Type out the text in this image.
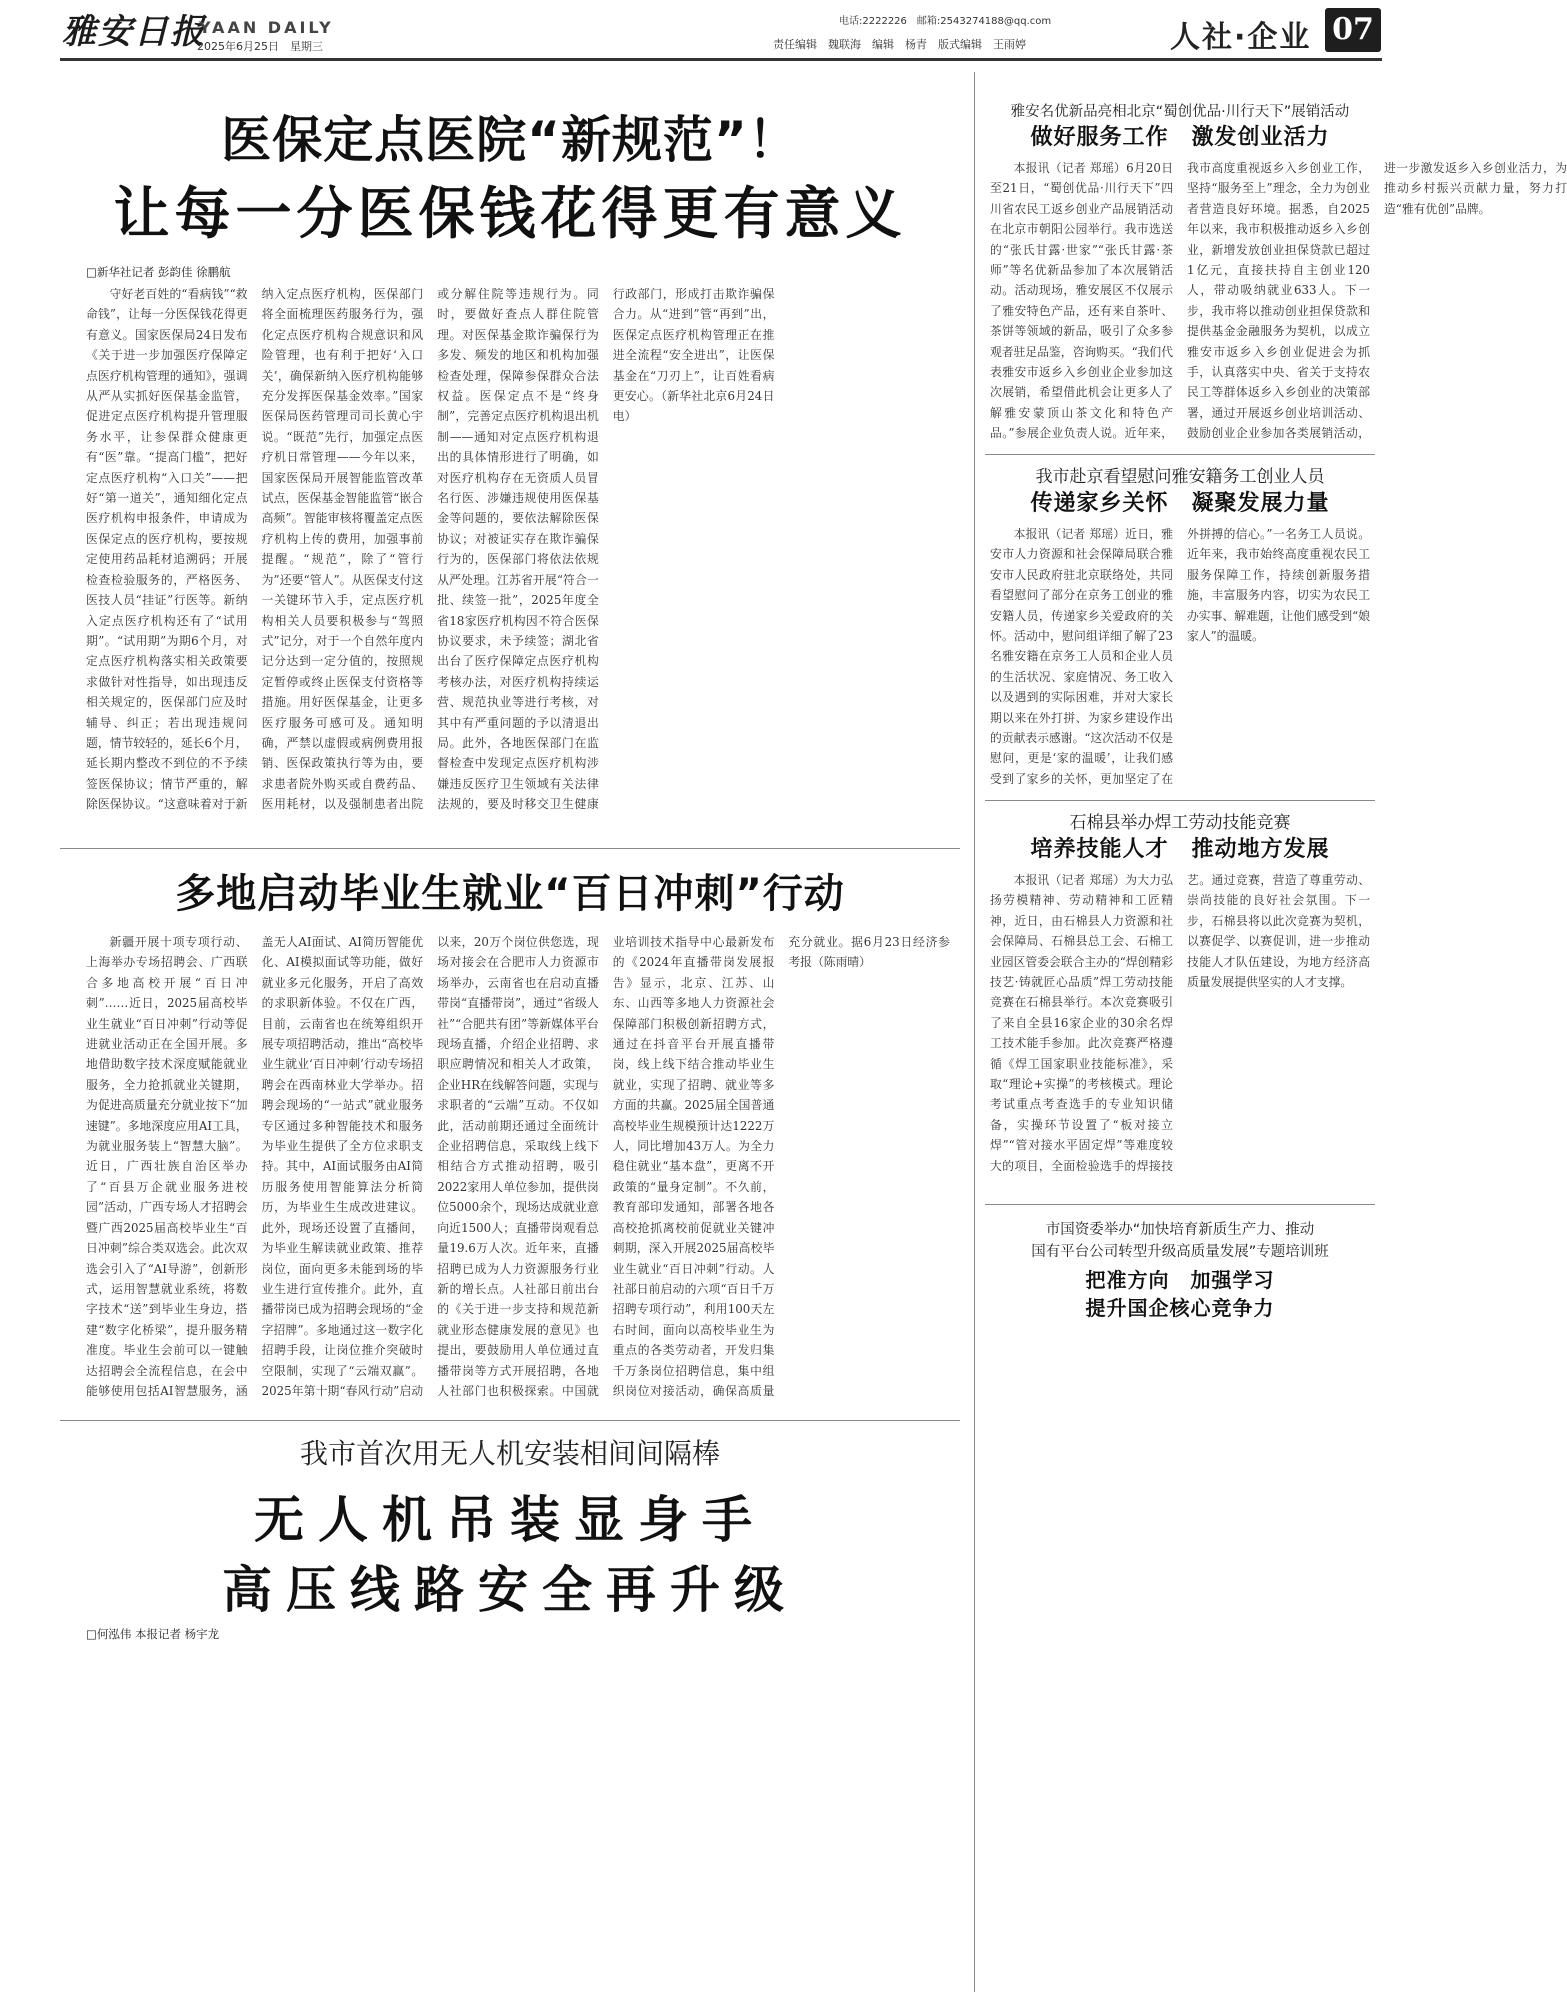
雅安日报
YAAN DAILY
2025年6月25日　星期三
电话:2222226　邮箱:2543274188@qq.com
责任编辑　魏联海　编辑　杨青　版式编辑　王雨婷	人社·企业 07
医保定点医院“新规范”！
让每一分医保钱花得更有意义
□新华社记者 彭韵佳 徐鹏航
守好老百姓的“看病钱”“救命钱”，让每一分医保钱花得更有意义。国家医保局24日发布《关于进一步加强医疗保障定点医疗机构管理的通知》，强调从严从实抓好医保基金监管，促进定点医疗机构提升管理服务水平，让参保群众健康更有“医”靠。“提高门槛”，把好定点医疗机构“入口关”——把好“第一道关”，通知细化定点医疗机构申报条件，申请成为医保定点的医疗机构，要按规定使用药品耗材追溯码；开展检查检验服务的，严格医务、医技人员“挂证”行医等。新纳入定点医疗机构还有了“试用期”。“试用期”为期6个月，对定点医疗机构落实相关政策要求做针对性指导，如出现违反相关规定的，医保部门应及时辅导、纠正；若出现违规问题，情节较轻的，延长6个月，延长期内整改不到位的不予续签医保协议；情节严重的，解除医保协议。“这意味着对于新纳入定点医疗机构，医保部门将全面梳理医药服务行为，强化定点医疗机构合规意识和风险管理，也有利于把好‘入口关’，确保新纳入医疗机构能够充分发挥医保基金效率。”国家医保局医药管理司司长黄心宇说。“既范”先行，加强定点医疗机日常管理——今年以来，国家医保局开展智能监管改革试点，医保基金智能监管“嵌合高频”。智能审核将覆盖定点医疗机构上传的费用，加强事前提醒。“规范”，除了“管行为”还要“管人”。从医保支付这一关键环节入手，定点医疗机构相关人员要积极参与“驾照式”记分，对于一个自然年度内记分达到一定分值的，按照规定暂停或终止医保支付资格等措施。用好医保基金，让更多医疗服务可感可及。通知明确，严禁以虚假或病例费用报销、医保政策执行等为由，要求患者院外购买或自费药品、医用耗材，以及强制患者出院或分解住院等违规行为。同时，要做好查点人群住院管理。对医保基金欺诈骗保行为多发、频发的地区和机构加强检查处理，保障参保群众合法权益。医保定点不是“终身制”，完善定点医疗机构退出机制——通知对定点医疗机构退出的具体情形进行了明确，如对医疗机构存在无资质人员冒名行医、涉嫌违规使用医保基金等问题的，要依法解除医保协议；对被证实存在欺诈骗保行为的，医保部门将依法依规从严处理。江苏省开展“符合一批、续签一批”，2025年度全省18家医疗机构因不符合医保协议要求，未予续签；湖北省出台了医疗保障定点医疗机构考核办法，对医疗机构持续运营、规范执业等进行考核，对其中有严重问题的予以清退出局。此外，各地医保部门在监督检查中发现定点医疗机构涉嫌违反医疗卫生领域有关法律法规的，要及时移交卫生健康行政部门，形成打击欺诈骗保合力。从“进到”管“再到”出，医保定点医疗机构管理正在推进全流程“安全进出”，让医保基金在“刀刃上”，让百姓看病更安心。（新华社北京6月24日电）
多地启动毕业生就业“百日冲刺”行动
新疆开展十项专项行动、上海举办专场招聘会、广西联合多地高校开展“百日冲刺”……近日，2025届高校毕业生就业“百日冲刺”行动等促进就业活动正在全国开展。多地借助数字技术深度赋能就业服务，全力抢抓就业关键期，为促进高质量充分就业按下“加速键”。多地深度应用AI工具，为就业服务装上“智慧大脑”。近日，广西壮族自治区举办了“百县万企就业服务进校园”活动，广西专场人才招聘会暨广西2025届高校毕业生“百日冲刺”综合类双选会。此次双选会引入了“AI导游”，创新形式，运用智慧就业系统，将数字技术“送”到毕业生身边，搭建“数字化桥梁”，提升服务精准度。毕业生会前可以一键触达招聘会全流程信息，在会中能够使用包括AI智慧服务，涵盖无人AI面试、AI简历智能优化、AI模拟面试等功能，做好就业多元化服务，开启了高效的求职新体验。不仅在广西，目前，云南省也在统筹组织开展专项招聘活动，推出“高校毕业生就业‘百日冲刺’行动专场招聘会在西南林业大学举办。招聘会现场的“一站式”就业服务专区通过多种智能技术和服务为毕业生提供了全方位求职支持。其中，AI面试服务由AI简历服务使用智能算法分析简历，为毕业生生成改进建议。此外，现场还设置了直播间，为毕业生解读就业政策、推荐岗位，面向更多未能到场的毕业生进行宣传推介。此外，直播带岗已成为招聘会现场的“金字招牌”。多地通过这一数字化招聘手段，让岗位推介突破时空限制，实现了“云端双赢”。2025年第十期“春风行动”启动以来，20万个岗位供您选，现场对接会在合肥市人力资源市场举办，云南省也在启动直播带岗“直播带岗”，通过“省级人社”“合肥共有团”等新媒体平台现场直播，介绍企业招聘、求职应聘情况和相关人才政策，企业HR在线解答问题，实现与求职者的“云端”互动。不仅如此，活动前期还通过全面统计企业招聘信息，采取线上线下相结合方式推动招聘，吸引2022家用人单位参加，提供岗位5000余个，现场达成就业意向近1500人；直播带岗观看总量19.6万人次。近年来，直播招聘已成为人力资源服务行业新的增长点。人社部日前出台的《关于进一步支持和规范新就业形态健康发展的意见》也提出，要鼓励用人单位通过直播带岗等方式开展招聘，各地人社部门也积极探索。中国就业培训技术指导中心最新发布的《2024年直播带岗发展报告》显示，北京、江苏、山东、山西等多地人力资源社会保障部门积极创新招聘方式，通过在抖音平台开展直播带岗，线上线下结合推动毕业生就业，实现了招聘、就业等多方面的共赢。2025届全国普通高校毕业生规模预计达1222万人，同比增加43万人。为全力稳住就业“基本盘”，更离不开政策的“量身定制”。不久前，教育部印发通知，部署各地各高校抢抓离校前促就业关键冲刺期，深入开展2025届高校毕业生就业“百日冲刺”行动。人社部日前启动的六项“百日千万招聘专项行动”，利用100天左右时间，面向以高校毕业生为重点的各类劳动者，开发归集千万条岗位招聘信息，集中组织岗位对接活动，确保高质量充分就业。据6月23日经济参考报（陈雨晴）
我市首次用无人机安装相间间隔棒
无人机吊装显身手
高压线路安全再升级
□何泓伟 本报记者 杨宇龙
雅安名优新品亮相北京“蜀创优品·川行天下”展销活动
做好服务工作　激发创业活力
本报讯（记者 郑瑶）6月20日至21日，“蜀创优品·川行天下”四川省农民工返乡创业产品展销活动在北京市朝阳公园举行。我市选送的“张氏甘露·世家”“张氏甘露·茶师”等名优新品参加了本次展销活动。活动现场，雅安展区不仅展示了雅安特色产品，还有来自茶叶、茶饼等领域的新品，吸引了众多参观者驻足品鉴，咨询购买。“我们代表雅安市返乡入乡创业企业参加这次展销，希望借此机会让更多人了解雅安蒙顶山茶文化和特色产品。”参展企业负责人说。近年来，我市高度重视返乡入乡创业工作，坚持“服务至上”理念，全力为创业者营造良好环境。据悉，自2025年以来，我市积极推动返乡入乡创业，新增发放创业担保贷款已超过1亿元，直接扶持自主创业120人，带动吸纳就业633人。下一步，我市将以推动创业担保贷款和提供基金金融服务为契机，以成立雅安市返乡入乡创业促进会为抓手，认真落实中央、省关于支持农民工等群体返乡入乡创业的决策部署，通过开展返乡创业培训活动、鼓励创业企业参加各类展销活动，进一步激发返乡入乡创业活力，为推动乡村振兴贡献力量，努力打造“雅有优创”品牌。
我市赴京看望慰问雅安籍务工创业人员
传递家乡关怀　凝聚发展力量
本报讯（记者 郑瑶）近日，雅安市人力资源和社会保障局联合雅安市人民政府驻北京联络处，共同看望慰问了部分在京务工创业的雅安籍人员，传递家乡关爱政府的关怀。活动中，慰问组详细了解了23名雅安籍在京务工人员和企业人员的生活状况、家庭情况、务工收入以及遇到的实际困难，并对大家长期以来在外打拼、为家乡建设作出的贡献表示感谢。“这次活动不仅是慰问，更是‘家的温暖’，让我们感受到了家乡的关怀，更加坚定了在外拼搏的信心。”一名务工人员说。近年来，我市始终高度重视农民工服务保障工作，持续创新服务措施，丰富服务内容，切实为农民工办实事、解难题，让他们感受到“娘家人”的温暖。
石棉县举办焊工劳动技能竞赛
培养技能人才　推动地方发展
本报讯（记者 郑瑶）为大力弘扬劳模精神、劳动精神和工匠精神，近日，由石棉县人力资源和社会保障局、石棉县总工会、石棉工业园区管委会联合主办的“焊创精彩技艺·铸就匠心品质”焊工劳动技能竞赛在石棉县举行。本次竞赛吸引了来自全县16家企业的30余名焊工技术能手参加。此次竞赛严格遵循《焊工国家职业技能标准》，采取“理论+实操”的考核模式。理论考试重点考查选手的专业知识储备，实操环节设置了“板对接立焊”“管对接水平固定焊”等难度较大的项目，全面检验选手的焊接技艺。通过竞赛，营造了尊重劳动、崇尚技能的良好社会氛围。下一步，石棉县将以此次竞赛为契机，以赛促学、以赛促训，进一步推动技能人才队伍建设，为地方经济高质量发展提供坚实的人才支撑。
市国资委举办“加快培育新质生产力、推动
国有平台公司转型升级高质量发展”专题培训班
把准方向　加强学习
提升国企核心竞争力
